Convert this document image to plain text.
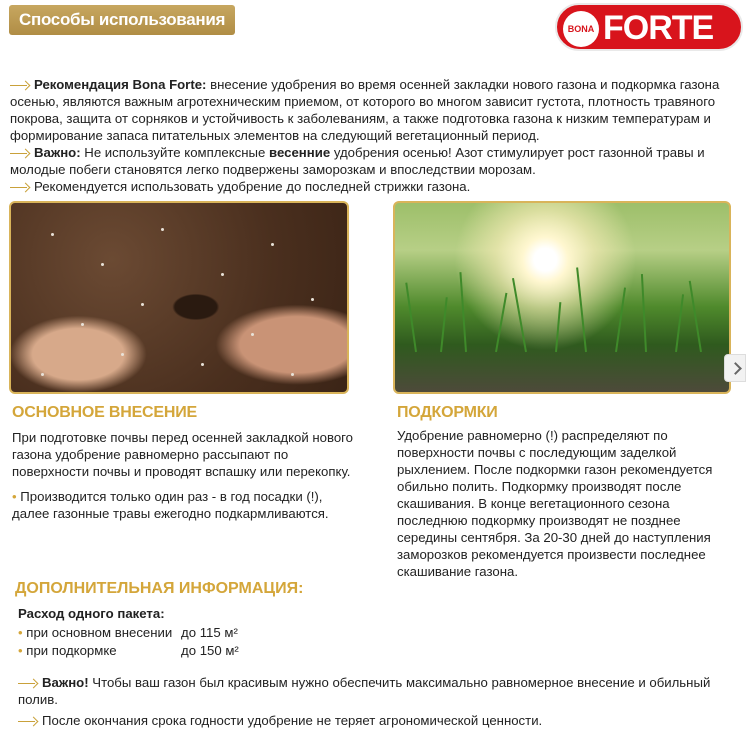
Способы использования	BONA FORTE

Рекомендация Bona Forte: внесение удобрения во время осенней закладки нового газона и подкормка газона осенью, являются важным агротехническим приемом, от которого во многом зависит густота, плотность травяного покрова, защита от сорняков и устойчивость к заболеваниям, а также подготовка газона к низким температурам и формирование запаса питательных элементов на следующий вегетационный период.

Важно: Не используйте комплексные весенние удобрения осенью! Азот стимулирует рост газонной травы и молодые побеги становятся легко подвержены заморозкам и впоследствии морозам.

Рекомендуется использовать удобрение до последней стрижки газона.

ОСНОВНОЕ ВНЕСЕНИЕ
При подготовке почвы перед осенней закладкой нового газона удобрение равномерно рассыпают по поверхности почвы и проводят вспашку или перекопку.
• Производится только один раз - в год посадки (!), далее газонные травы ежегодно подкармливаются.
ПОДКОРМКИ
Удобрение равномерно (!) распределяют по поверхности почвы с последующим заделкой рыхлением. После подкормки газон рекомендуется обильно полить. Подкормку производят после скашивания. В конце вегетационного сезона последнюю подкормку производят не позднее середины сентября. За 20-30 дней до наступления заморозков рекомендуется произвести последнее скашивание газона.
ДОПОЛНИТЕЛЬНАЯ ИНФОРМАЦИЯ:
Расход одного пакета:
• при основном внесении до 115 м²
• при подкормке	до 150 м²

Важно! Чтобы ваш газон был красивым нужно обеспечить максимально равномерное внесение и обильный полив.

После окончания срока годности удобрение не теряет агрономической ценности.
